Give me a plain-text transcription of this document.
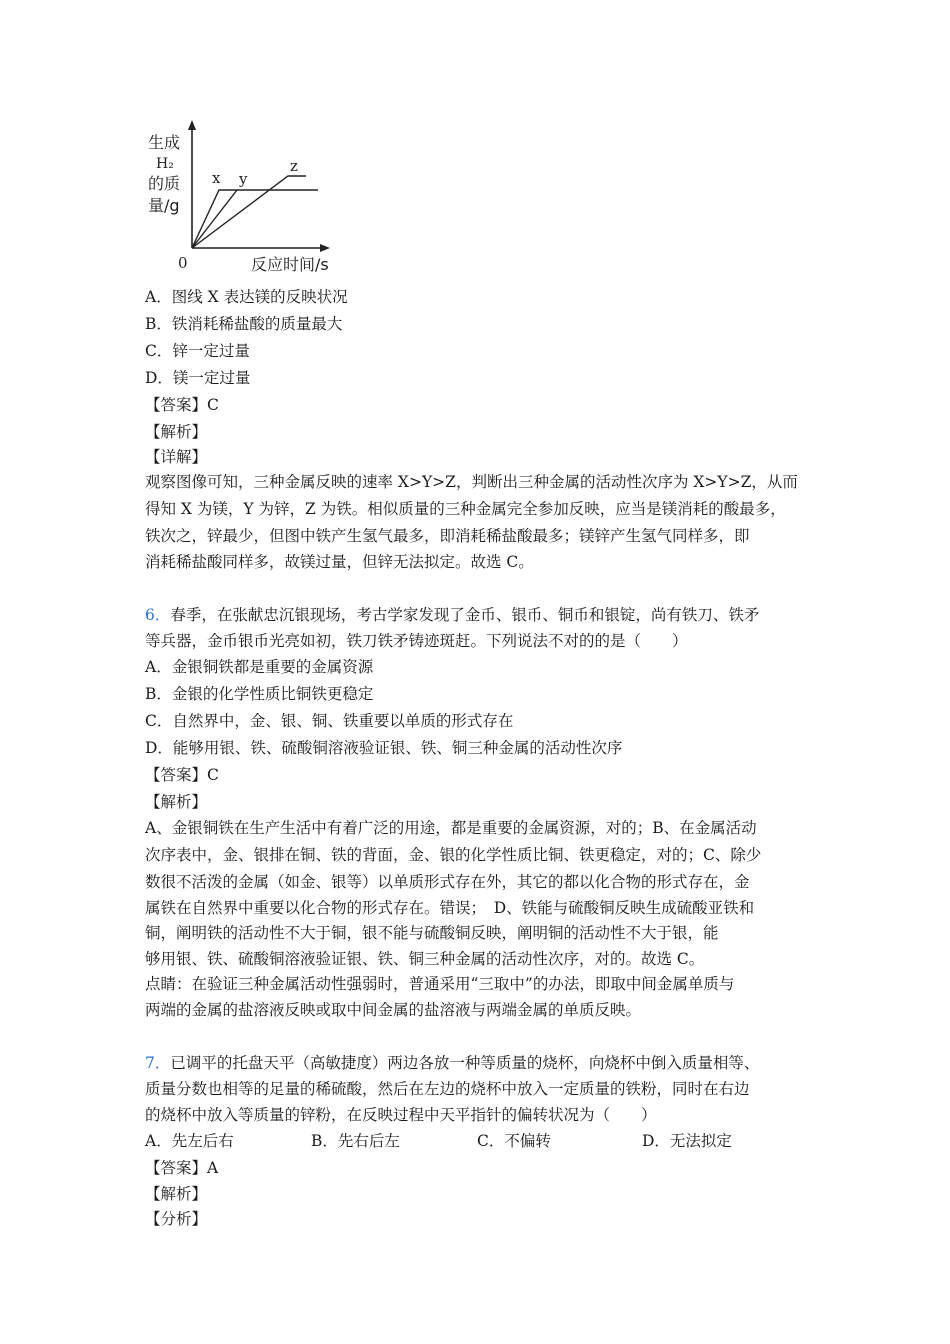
生成
H₂
的质
量/g
0	反应时间/s
x y
z
A．图线 X 表达镁的反映状况
B．铁消耗稀盐酸的质量最大
C．锌一定过量
D．镁一定过量
【答案】C
【解析】
【详解】
观察图像可知，三种金属反映的速率 X>Y>Z，判断出三种金属的活动性次序为 X>Y>Z，从而
得知 X 为镁，Y 为锌，Z 为铁。相似质量的三种金属完全参加反映，应当是镁消耗的酸最多，
铁次之，锌最少，但图中铁产生氢气最多，即消耗稀盐酸最多；镁锌产生氢气同样多，即
消耗稀盐酸同样多，故镁过量，但锌无法拟定。故选 C。
6．春季，在张献忠沉银现场，考古学家发现了金币、银币、铜币和银锭，尚有铁刀、铁矛
等兵器，金币银币光亮如初，铁刀铁矛铸迹斑赶。下列说法不对的的是（　　）
A．金银铜铁都是重要的金属资源
B．金银的化学性质比铜铁更稳定
C．自然界中，金、银、铜、铁重要以单质的形式存在
D．能够用银、铁、硫酸铜溶液验证银、铁、铜三种金属的活动性次序
【答案】C
【解析】
A、金银铜铁在生产生活中有着广泛的用途，都是重要的金属资源，对的；B、在金属活动
次序表中，金、银排在铜、铁的背面，金、银的化学性质比铜、铁更稳定，对的；C、除少
数很不活泼的金属（如金、银等）以单质形式存在外，其它的都以化合物的形式存在，金
属铁在自然界中重要以化合物的形式存在。错误；　D、铁能与硫酸铜反映生成硫酸亚铁和
铜，阐明铁的活动性不大于铜，银不能与硫酸铜反映，阐明铜的活动性不大于银，能
够用银、铁、硫酸铜溶液验证银、铁、铜三种金属的活动性次序，对的。故选 C。
点睛：在验证三种金属活动性强弱时，普通采用“三取中”的办法，即取中间金属单质与
两端的金属的盐溶液反映或取中间金属的盐溶液与两端金属的单质反映。
7．已调平的托盘天平（高敏捷度）两边各放一种等质量的烧杯，向烧杯中倒入质量相等、
质量分数也相等的足量的稀硫酸，然后在左边的烧杯中放入一定质量的铁粉，同时在右边
的烧杯中放入等质量的锌粉，在反映过程中天平指针的偏转状况为（　　）
A．先左后右	B．先右后左	C．不偏转	D．无法拟定
【答案】A
【解析】
【分析】
